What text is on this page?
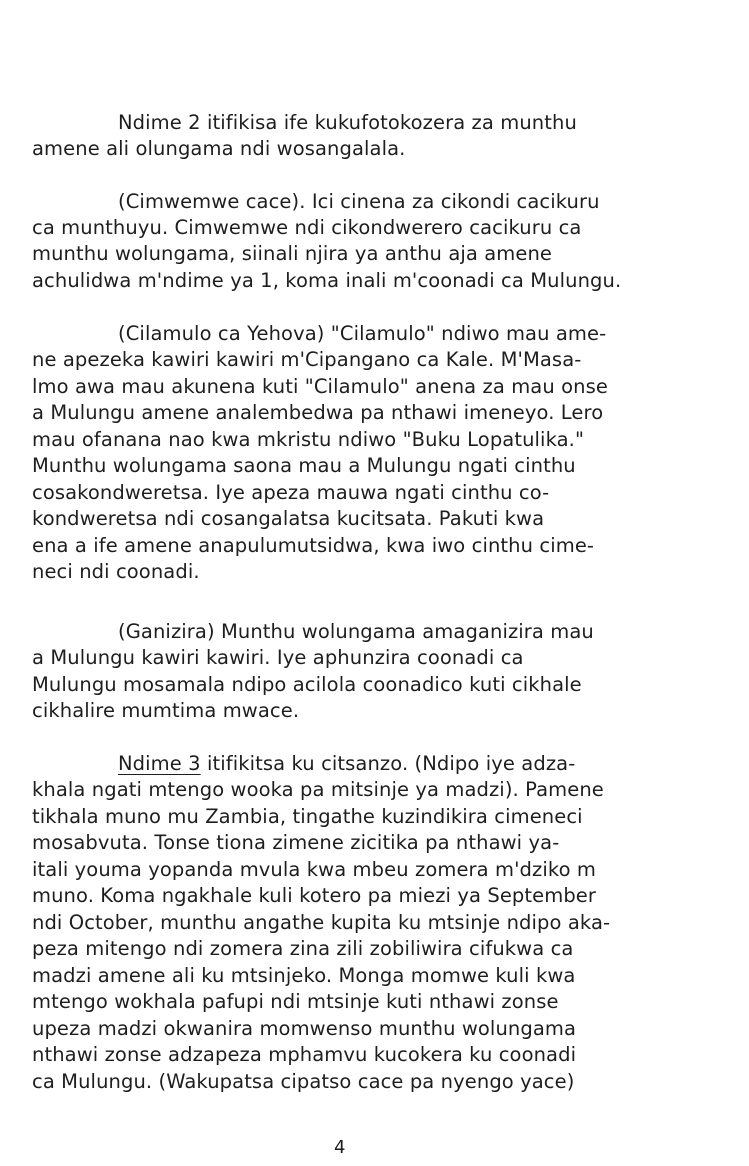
Ndime 2 itifikisa ife kukufotokozera za munthu
amene ali olungama ndi wosangalala.
(Cimwemwe cace). Ici cinena za cikondi cacikuru
ca munthuyu. Cimwemwe ndi cikondwerero cacikuru ca
munthu wolungama, siinali njira ya anthu aja amene
achulidwa m'ndime ya 1, koma inali m'coonadi ca Mulungu.
(Cilamulo ca Yehova) "Cilamulo" ndiwo mau ame-
ne apezeka kawiri kawiri m'Cipangano ca Kale. M'Masa-
lmo awa mau akunena kuti "Cilamulo" anena za mau onse
a Mulungu amene analembedwa pa nthawi imeneyo. Lero
mau ofanana nao kwa mkristu ndiwo "Buku Lopatulika."
Munthu wolungama saona mau a Mulungu ngati cinthu
cosakondweretsa. Iye apeza mauwa ngati cinthu co-
kondweretsa ndi cosangalatsa kucitsata. Pakuti kwa
ena a ife amene anapulumutsidwa, kwa iwo cinthu cime-
neci ndi coonadi.
(Ganizira) Munthu wolungama amaganizira mau
a Mulungu kawiri kawiri. Iye aphunzira coonadi ca
Mulungu mosamala ndipo acilola coonadico kuti cikhale
cikhalire mumtima mwace.
Ndime 3 itifikitsa ku citsanzo. (Ndipo iye adza-
khala ngati mtengo wooka pa mitsinje ya madzi). Pamene
tikhala muno mu Zambia, tingathe kuzindikira cimeneci
mosabvuta. Tonse tiona zimene zicitika pa nthawi ya-
itali youma yopanda mvula kwa mbeu zomera m'dziko m
muno. Koma ngakhale kuli kotero pa miezi ya September
ndi October, munthu angathe kupita ku mtsinje ndipo aka-
peza mitengo ndi zomera zina zili zobiliwira cifukwa ca
madzi amene ali ku mtsinjeko. Monga momwe kuli kwa
mtengo wokhala pafupi ndi mtsinje kuti nthawi zonse
upeza madzi okwanira momwenso munthu wolungama
nthawi zonse adzapeza mphamvu kucokera ku coonadi
ca Mulungu. (Wakupatsa cipatso cace pa nyengo yace)
4
